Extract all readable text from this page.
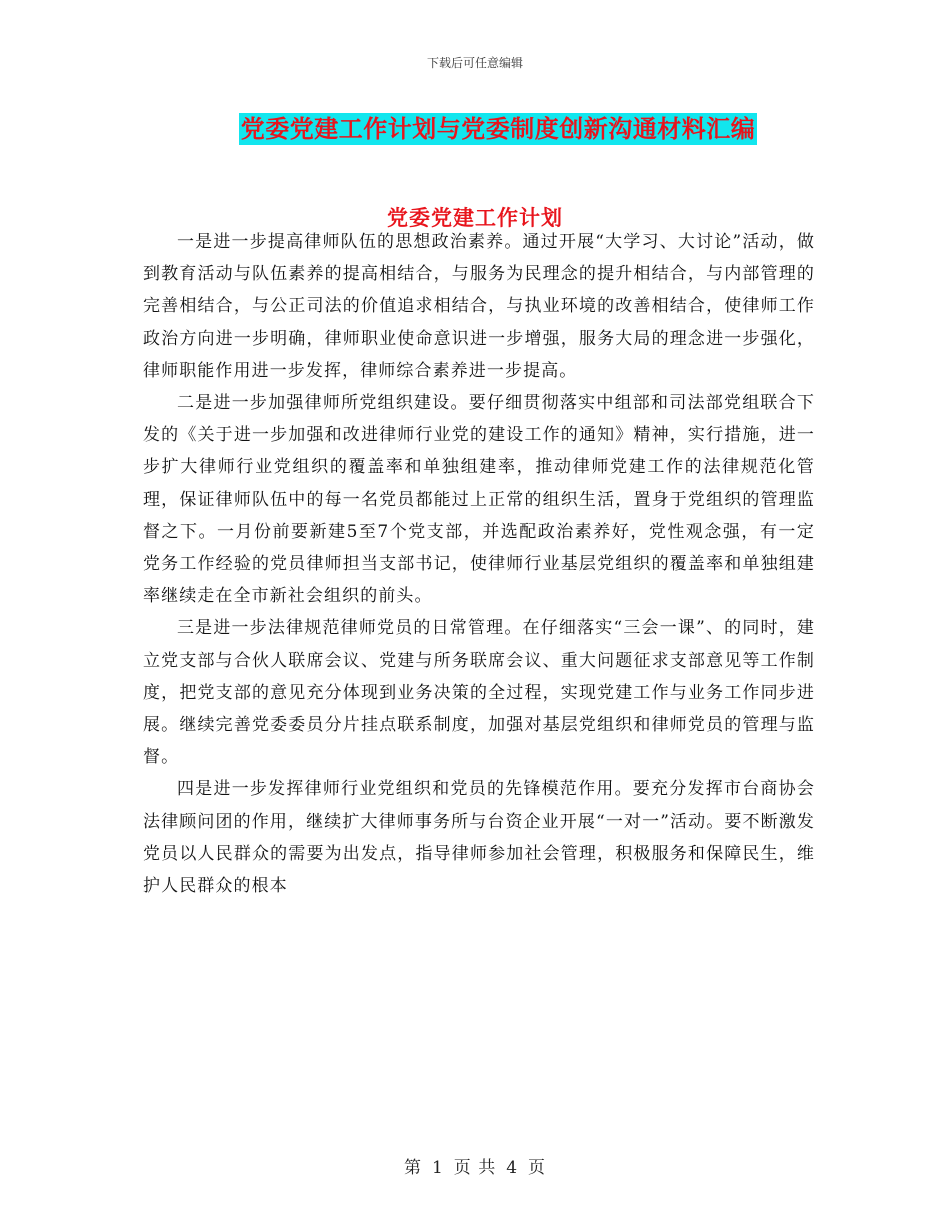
下载后可任意编辑
党委党建工作计划与党委制度创新沟通材料汇编
党委党建工作计划

一是进一步提高律师队伍的思想政治素养。通过开展“大学习、大讨论”活动，做到教育活动与队伍素养的提高相结合，与服务为民理念的提升相结合，与内部管理的完善相结合，与公正司法的价值追求相结合，与执业环境的改善相结合，使律师工作政治方向进一步明确，律师职业使命意识进一步增强，服务大局的理念进一步强化，律师职能作用进一步发挥，律师综合素养进一步提高。

二是进一步加强律师所党组织建设。要仔细贯彻落实中组部和司法部党组联合下发的《关于进一步加强和改进律师行业党的建设工作的通知》精神，实行措施，进一步扩大律师行业党组织的覆盖率和单独组建率，推动律师党建工作的法律规范化管理，保证律师队伍中的每一名党员都能过上正常的组织生活，置身于党组织的管理监督之下。一月份前要新建5至7个党支部，并选配政治素养好，党性观念强，有一定党务工作经验的党员律师担当支部书记，使律师行业基层党组织的覆盖率和单独组建率继续走在全市新社会组织的前头。

三是进一步法律规范律师党员的日常管理。在仔细落实“三会一课”、的同时，建立党支部与合伙人联席会议、党建与所务联席会议、重大问题征求支部意见等工作制度，把党支部的意见充分体现到业务决策的全过程，实现党建工作与业务工作同步进展。继续完善党委委员分片挂点联系制度，加强对基层党组织和律师党员的管理与监督。

四是进一步发挥律师行业党组织和党员的先锋模范作用。要充分发挥市台商协会法律顾问团的作用，继续扩大律师事务所与台资企业开展“一对一”活动。要不断激发党员以人民群众的需要为出发点，指导律师参加社会管理，积极服务和保障民生，维护人民群众的根本

第 1 页 共 4 页
